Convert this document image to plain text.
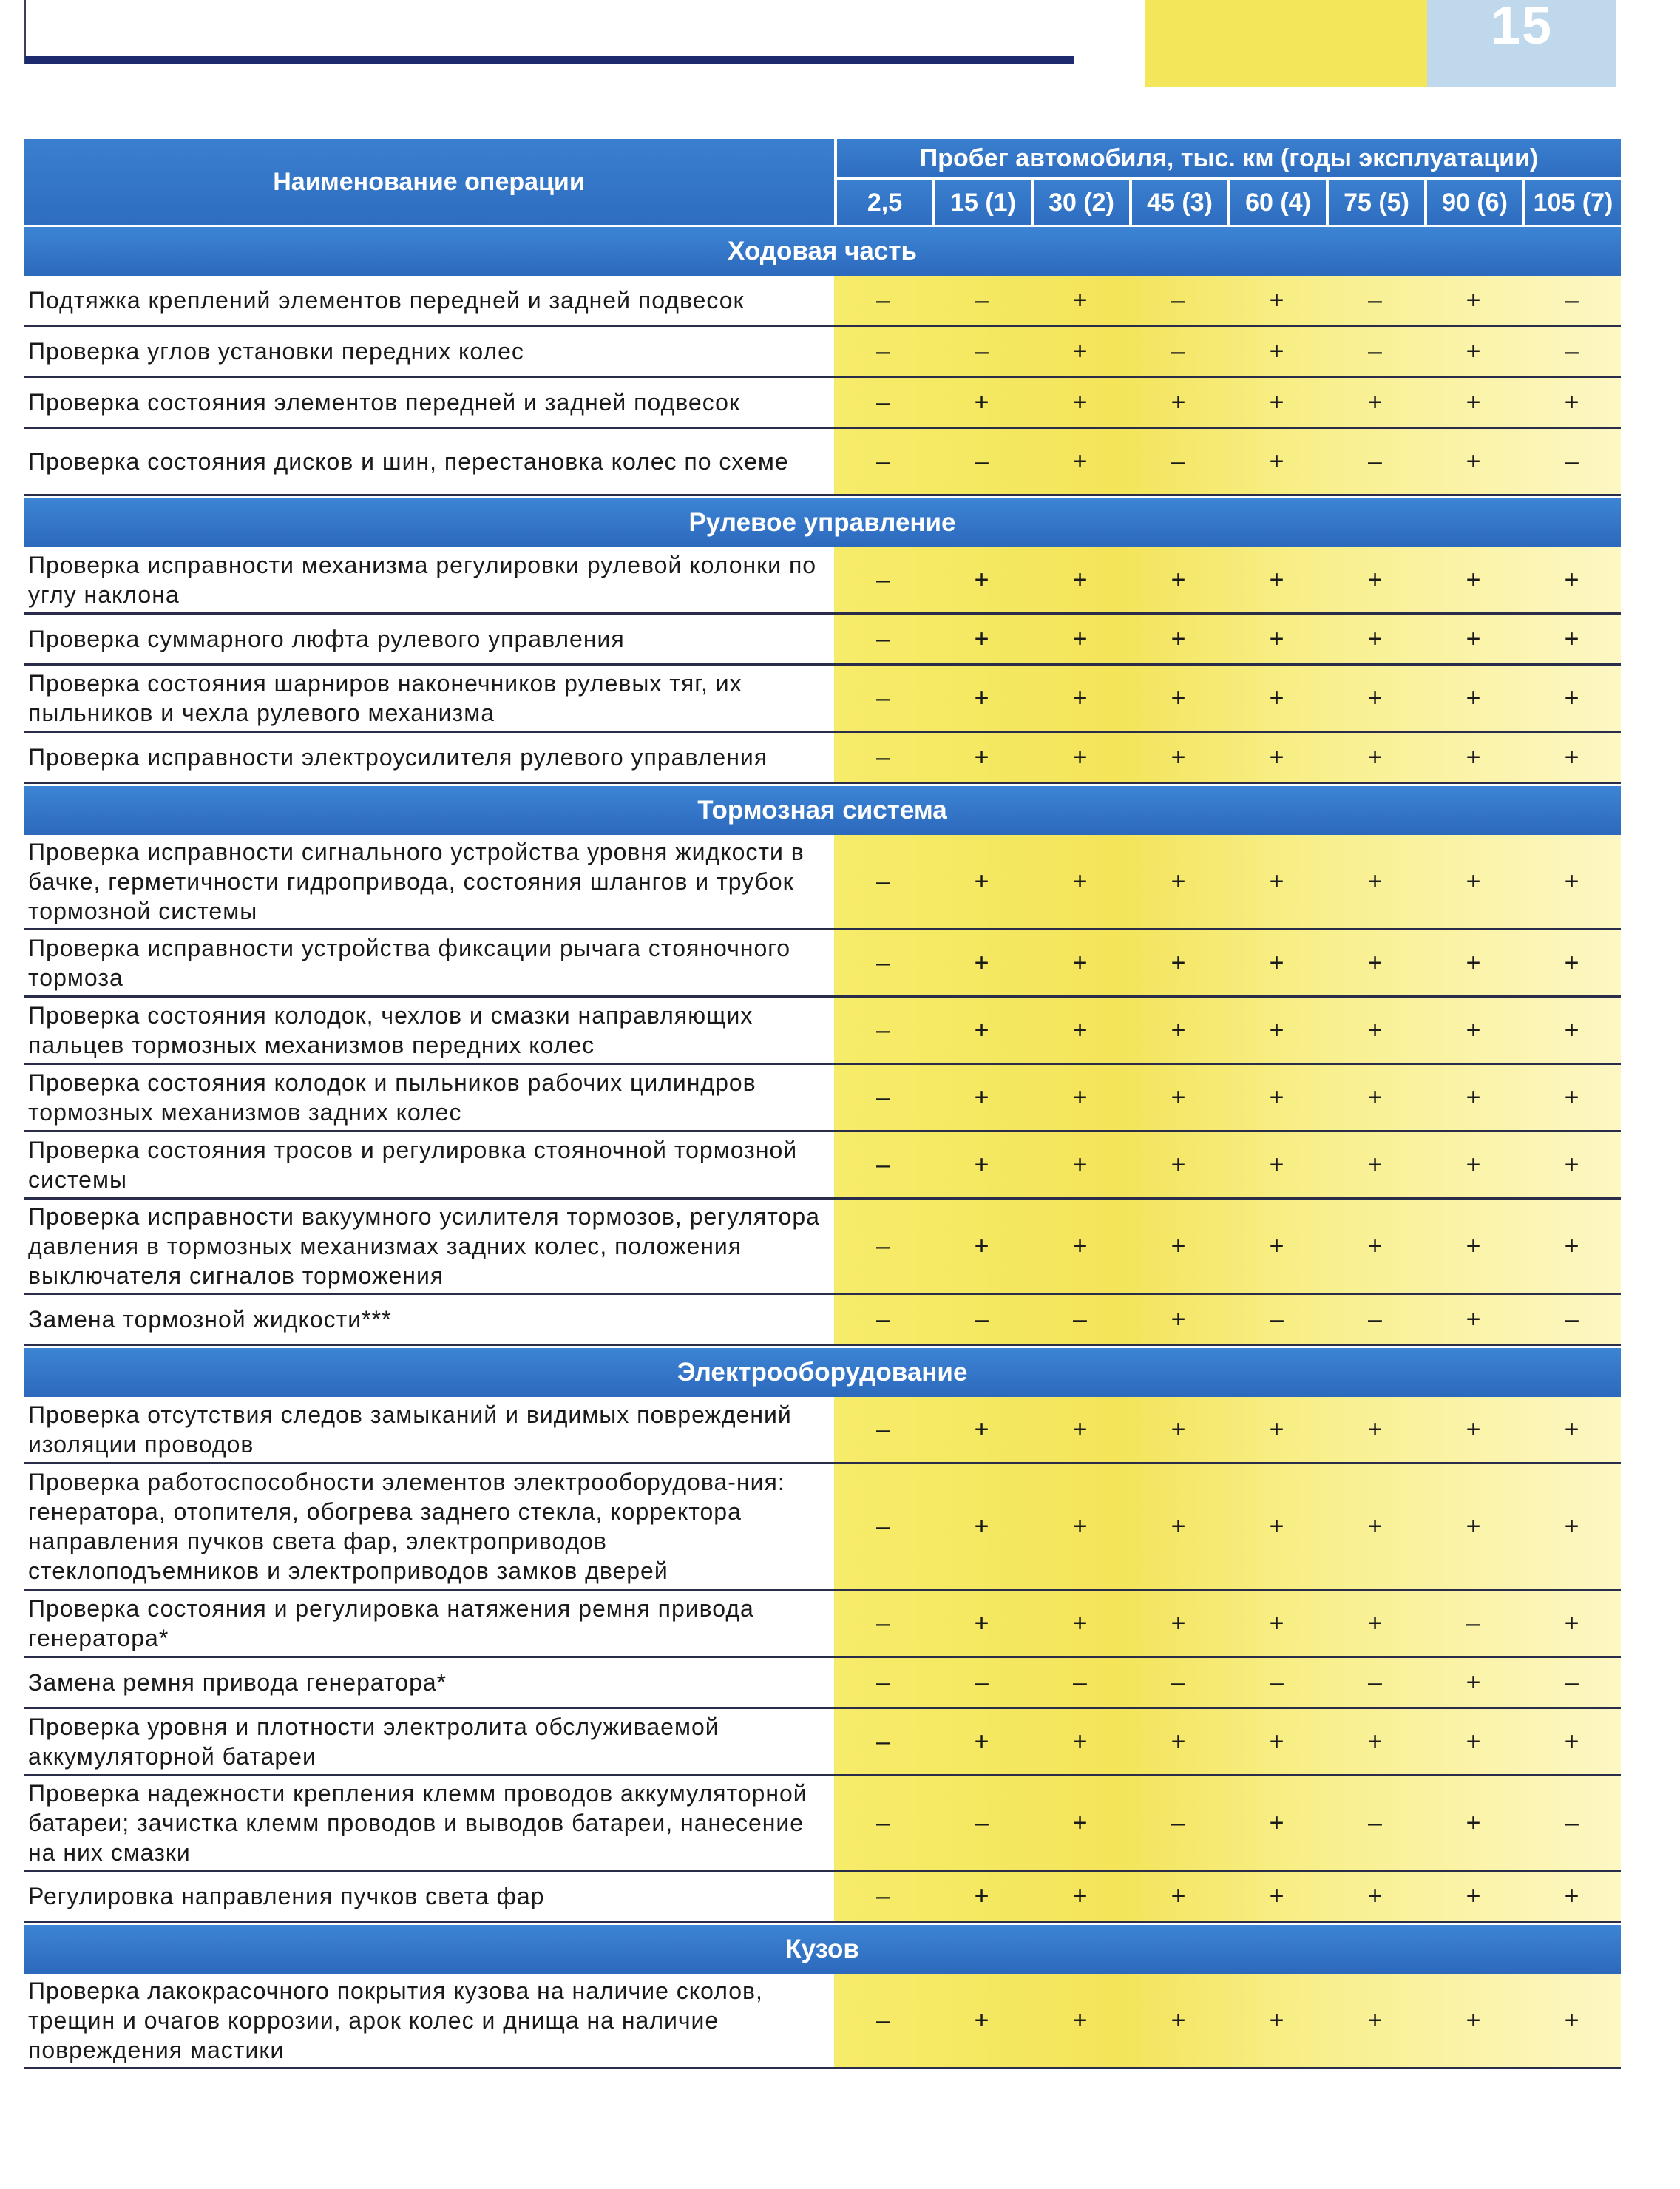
15
Наименование операции
Пробег автомобиля, тыс. км (годы эксплуатации)
2,5	15 (1)	30 (2)	45 (3)	60 (4)	75 (5)	90 (6)	105 (7)
Ходовая часть
Подтяжка креплений элементов передней и задней подвесок	–	–	+	–	+	–	+	–
Проверка углов установки передних колес	–	–	+	–	+	–	+	–
Проверка состояния элементов передней и задней подвесок	–	+	+	+	+	+	+	+
Проверка состояния дисков и шин, перестановка колес по схеме	–	–	+	–	+	–	+	–
Рулевое управление
Проверка исправности механизма регулировки рулевой колонки по углу наклона
–	+	+	+	+	+	+	+
Проверка суммарного люфта рулевого управления	–	+	+	+	+	+	+	+
Проверка состояния шарниров наконечников рулевых тяг, их пыльников и чехла рулевого механизма
–	+	+	+	+	+	+	+
Проверка исправности электроусилителя рулевого управления	–	+	+	+	+	+	+	+
Тормозная система
Проверка исправности сигнального устройства уровня жидкости в бачке, герметичности гидропривода, состояния шлангов и трубок тормозной системы
–	+	+	+	+	+	+	+
Проверка исправности устройства фиксации рычага стояночного тормоза
–	+	+	+	+	+	+	+
Проверка состояния колодок, чехлов и смазки направляющих пальцев тормозных механизмов передних колес
–	+	+	+	+	+	+	+
Проверка состояния колодок и пыльников рабочих цилиндров тормозных механизмов задних колес
–	+	+	+	+	+	+	+
Проверка состояния тросов и регулировка стояночной тормозной системы
–	+	+	+	+	+	+	+
Проверка исправности вакуумного усилителя тормозов, регулятора давления в тормозных механизмах задних колес, положения выключателя сигналов торможения
–	+	+	+	+	+	+	+
Замена тормозной жидкости***	–	–	–	+	–	–	+	–
Электрооборудование
Проверка отсутствия следов замыканий и видимых повреждений изоляции проводов
–	+	+	+	+	+	+	+
Проверка работоспособности элементов электрооборудова-ния: генератора, отопителя, обогрева заднего стекла, корректора направления пучков света фар, электроприводов стеклоподъемников и электроприводов замков дверей
–	+	+	+	+	+	+	+
Проверка состояния и регулировка натяжения ремня привода генератора*
–	+	+	+	+	+	–	+
Замена ремня привода генератора*	–	–	–	–	–	–	+	–
Проверка уровня и плотности электролита обслуживаемой аккумуляторной батареи
–	+	+	+	+	+	+	+
Проверка надежности крепления клемм проводов аккумуляторной батареи; зачистка клемм проводов и выводов батареи, нанесение на них смазки
–	–	+	–	+	–	+	–
Регулировка направления пучков света фар	–	+	+	+	+	+	+	+
Кузов
Проверка лакокрасочного покрытия кузова на наличие сколов, трещин и очагов коррозии, арок колес и днища на наличие повреждения мастики
–	+	+	+	+	+	+	+
